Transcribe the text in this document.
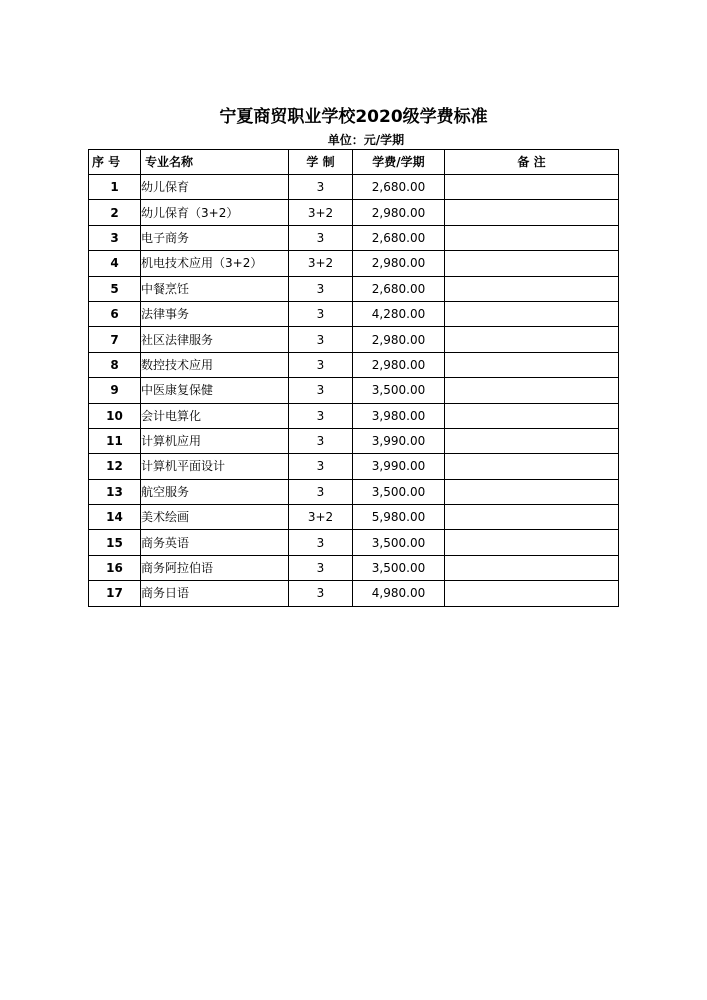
宁夏商贸职业学校2020级学费标准
单位：元/学期
序 号	专业名称	学 制	学费/学期	备 注
1	幼儿保育	3	2,680.00	
2	幼儿保育（3+2）	3+2	2,980.00	
3	电子商务	3	2,680.00	
4	机电技术应用（3+2）	3+2	2,980.00	
5	中餐烹饪	3	2,680.00	
6	法律事务	3	4,280.00	
7	社区法律服务	3	2,980.00	
8	数控技术应用	3	2,980.00	
9	中医康复保健	3	3,500.00	
10	会计电算化	3	3,980.00	
11	计算机应用	3	3,990.00	
12	计算机平面设计	3	3,990.00	
13	航空服务	3	3,500.00	
14	美术绘画	3+2	5,980.00	
15	商务英语	3	3,500.00	
16	商务阿拉伯语	3	3,500.00	
17	商务日语	3	4,980.00	
